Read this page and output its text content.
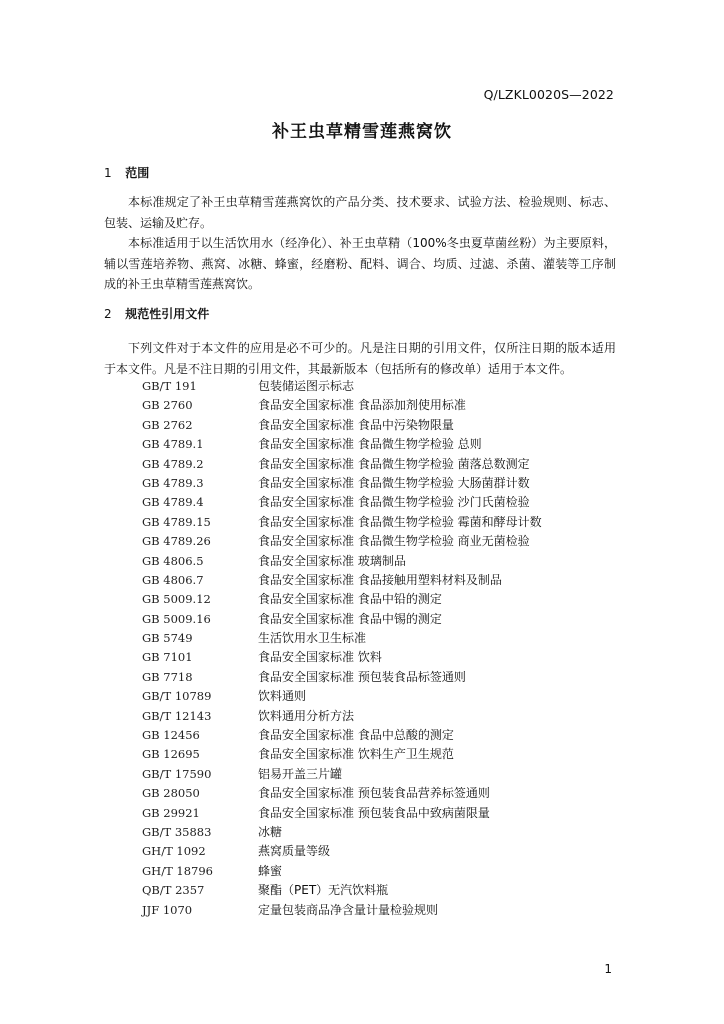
Q/LZKL0020S—2022
补王虫草精雪莲燕窝饮
1 范围

本标准规定了补王虫草精雪莲燕窝饮的产品分类、技术要求、试验方法、检验规则、标志、包装、运输及贮存。

本标准适用于以生活饮用水（经净化）、补王虫草精（100%冬虫夏草菌丝粉）为主要原料，辅以雪莲培养物、燕窝、冰糖、蜂蜜，经磨粉、配料、调合、均质、过滤、杀菌、灌装等工序制成的补王虫草精雪莲燕窝饮。

2 规范性引用文件

下列文件对于本文件的应用是必不可少的。凡是注日期的引用文件，仅所注日期的版本适用于本文件。凡是不注日期的引用文件，其最新版本（包括所有的修改单）适用于本文件。

GB/T 191	包装储运图示标志
GB 2760	食品安全国家标准 食品添加剂使用标准
GB 2762	食品安全国家标准 食品中污染物限量
GB 4789.1	食品安全国家标准 食品微生物学检验 总则
GB 4789.2	食品安全国家标准 食品微生物学检验 菌落总数测定
GB 4789.3	食品安全国家标准 食品微生物学检验 大肠菌群计数
GB 4789.4	食品安全国家标准 食品微生物学检验 沙门氏菌检验
GB 4789.15	食品安全国家标准 食品微生物学检验 霉菌和酵母计数
GB 4789.26	食品安全国家标准 食品微生物学检验 商业无菌检验
GB 4806.5	食品安全国家标准 玻璃制品
GB 4806.7	食品安全国家标准 食品接触用塑料材料及制品
GB 5009.12	食品安全国家标准 食品中铅的测定
GB 5009.16	食品安全国家标准 食品中锡的测定
GB 5749	生活饮用水卫生标准
GB 7101	食品安全国家标准 饮料
GB 7718	食品安全国家标准 预包装食品标签通则
GB/T 10789	饮料通则
GB/T 12143	饮料通用分析方法
GB 12456	食品安全国家标准 食品中总酸的测定
GB 12695	食品安全国家标准 饮料生产卫生规范
GB/T 17590	铝易开盖三片罐
GB 28050	食品安全国家标准 预包装食品营养标签通则
GB 29921	食品安全国家标准 预包装食品中致病菌限量
GB/T 35883	冰糖
GH/T 1092	燕窝质量等级
GH/T 18796	蜂蜜
QB/T 2357	聚酯（PET）无汽饮料瓶
JJF 1070	定量包装商品净含量计量检验规则
1
